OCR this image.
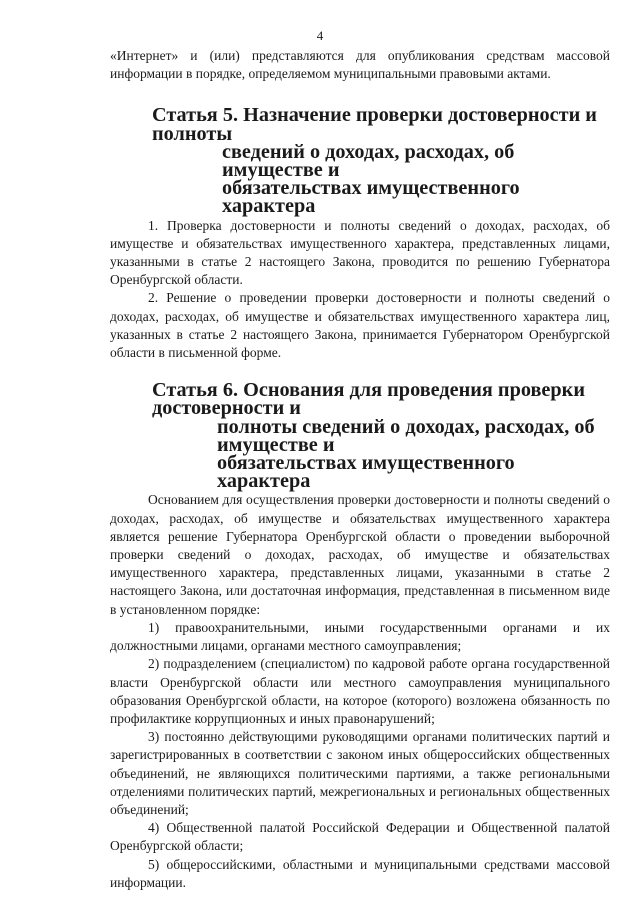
4

«Интернет» и (или) представляются для опубликования средствам массовой информации в порядке, определяемом муниципальными правовыми актами.

Статья 5. Назначение проверки достоверности и полноты
сведений о доходах, расходах, об имуществе и
обязательствах имущественного характера

1. Проверка достоверности и полноты сведений о доходах, расходах, об имуществе и обязательствах имущественного характера, представленных лицами, указанными в статье 2 настоящего Закона, проводится по решению Губернатора Оренбургской области.

2. Решение о проведении проверки достоверности и полноты сведений о доходах, расходах, об имуществе и обязательствах имущественного характера лиц, указанных в статье 2 настоящего Закона, принимается Губернатором Оренбургской области в письменной форме.

Статья 6. Основания для проведения проверки достоверности и
полноты сведений о доходах, расходах, об имуществе и
обязательствах имущественного характера

Основанием для осуществления проверки достоверности и полноты сведений о доходах, расходах, об имуществе и обязательствах имущественного характера является решение Губернатора Оренбургской области о проведении выборочной проверки сведений о доходах, расходах, об имуществе и обязательствах имущественного характера, представленных лицами, указанными в статье 2 настоящего Закона, или достаточная информация, представленная в письменном виде в установленном порядке:

1) правоохранительными, иными государственными органами и их должностными лицами, органами местного самоуправления;

2) подразделением (специалистом) по кадровой работе органа государственной власти Оренбургской области или местного самоуправления муниципального образования Оренбургской области, на которое (которого) возложена обязанность по профилактике коррупционных и иных правонарушений;

3) постоянно действующими руководящими органами политических партий и зарегистрированных в соответствии с законом иных общероссийских общественных объединений, не являющихся политическими партиями, а также региональными отделениями политических партий, межрегиональных и региональных общественных объединений;

4) Общественной палатой Российской Федерации и Общественной палатой Оренбургской области;

5) общероссийскими, областными и муниципальными средствами массовой информации.
